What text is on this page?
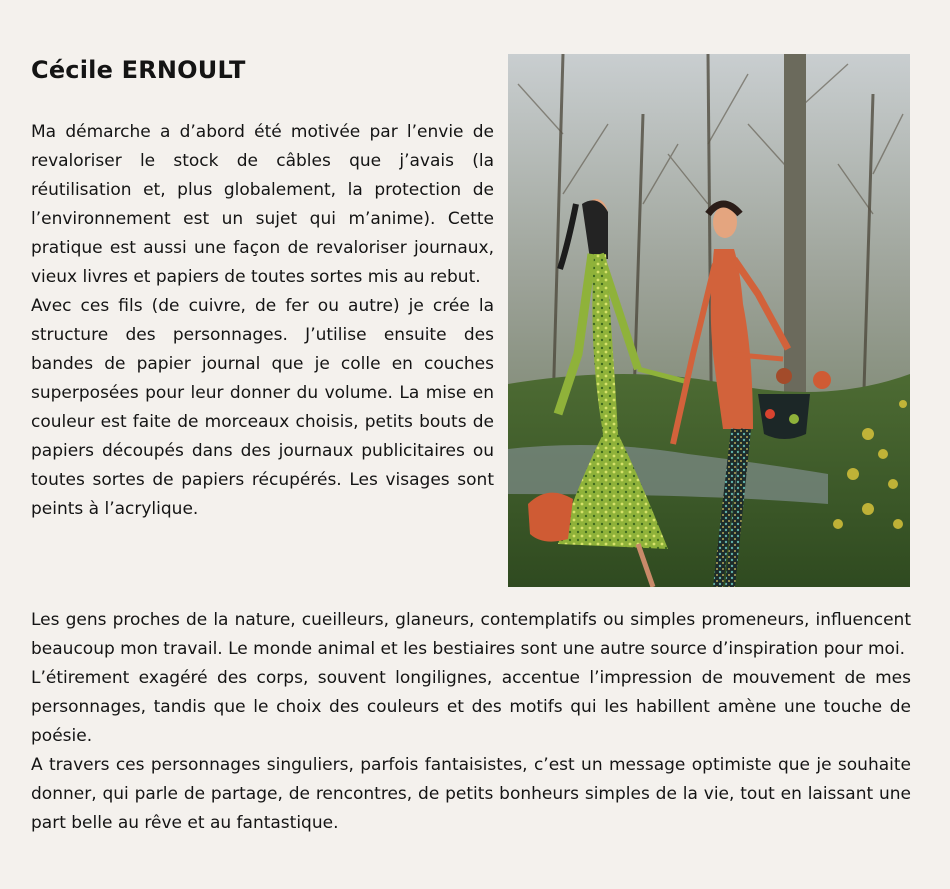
Cécile ERNOULT

Ma démarche a d’abord été motivée par l’envie de revaloriser le stock de câbles que j’avais (la réutilisation et, plus globalement, la protection de l’environnement est un sujet qui m’anime). Cette pratique est aussi une façon de revaloriser journaux, vieux livres et papiers de toutes sortes mis au rebut.

Avec ces fils (de cuivre, de fer ou autre) je crée la structure des personnages. J’utilise ensuite des bandes de papier journal que je colle en couches superposées pour leur donner du volume. La mise en couleur est faite de morceaux choisis, petits bouts de papiers découpés dans des journaux publicitaires ou toutes sortes de papiers récupérés. Les visages sont peints à l’acrylique.

Les gens proches de la nature, cueilleurs, glaneurs, contemplatifs ou simples promeneurs, influencent beaucoup mon travail. Le monde animal et les bestiaires sont une autre source d’inspiration pour moi.

L’étirement exagéré des corps, souvent longilignes, accentue l’impression de mouvement de mes personnages, tandis que le choix des couleurs et des motifs qui les habillent amène une touche de poésie.

A travers ces personnages singuliers, parfois fantaisistes, c’est un message optimiste que je souhaite donner, qui parle de partage, de rencontres, de petits bonheurs simples de la vie, tout en laissant une part belle au rêve et au fantastique.
